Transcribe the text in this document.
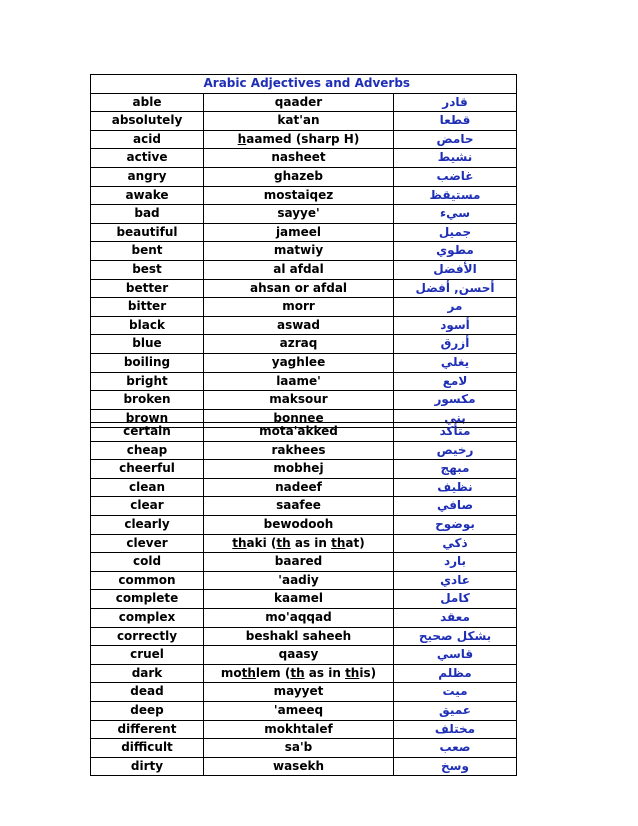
	Arabic Adjectives and Adverbs	
able	qaader	قادر
absolutely	kat'an	قطعا
acid	haamed (sharp H)	حامض
active	nasheet	نشيط
angry	ghazeb	غاضب
awake	mostaiqez	مستيقظ
bad	sayye'	سيء
beautiful	jameel	جميل
bent	matwiy	مطوي
best	al afdal	الأفضل
better	ahsan or afdal	أحسن, أفضل
bitter	morr	مر
black	aswad	أسود
blue	azraq	أزرق
boiling	yaghlee	يغلي
bright	laame'	لامع
broken	maksour	مكسور
brown	bonnee	بني
certain	mota'akked	متأكد
cheap	rakhees	رخيص
cheerful	mobhej	مبهج
clean	nadeef	نظيف
clear	saafee	صافي
clearly	bewodooh	بوضوح
clever	thaki (th as in that)	ذكي
cold	baared	بارد
common	'aadiy	عادي
complete	kaamel	كامل
complex	mo'aqqad	معقد
correctly	beshakl saheeh	بشكل صحيح
cruel	qaasy	قاسي
dark	mothlem (th as in this)	مظلم
dead	mayyet	ميت
deep	'ameeq	عميق
different	mokhtalef	مختلف
difficult	sa'b	صعب
dirty	wasekh	وسخ
